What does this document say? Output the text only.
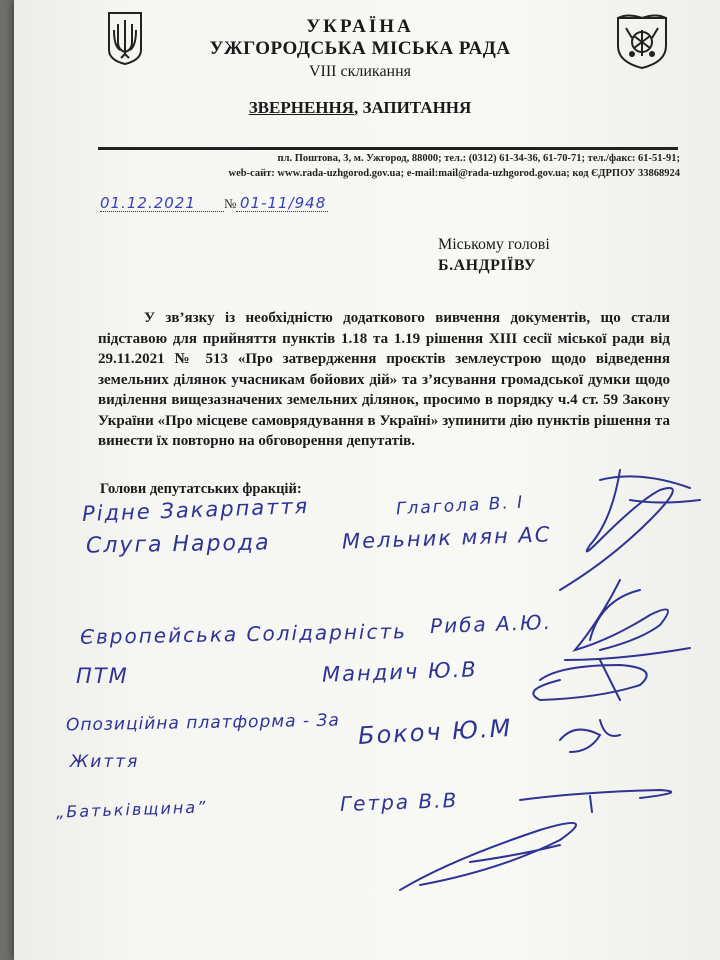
УКРАЇНА
УЖГОРОДСЬКА МІСЬКА РАДА
VIII скликання
ЗВЕРНЕННЯ, ЗАПИТАННЯ
пл. Поштова, 3, м. Ужгород, 88000; тел.: (0312) 61-34-36, 61-70-71; тел./факс: 61-51-91;
web-сайт: www.rada-uzhgorod.gov.ua; e-mail:mail@rada-uzhgorod.gov.ua; код ЄДРПОУ 33868924
01.12.2021 № 01-11/948
Міському голові
Б.АНДРІЇВУ
У зв’язку із необхідністю додаткового вивчення документів, що стали підставою для прийняття пунктів 1.18 та 1.19 рішення XIII сесії міської ради від 29.11.2021 № 513 «Про затвердження проєктів землеустрою щодо відведення земельних ділянок учасникам бойових дій» та з’ясування громадської думки щодо виділення вищезазначених земельних ділянок, просимо в порядку ч.4 ст. 59 Закону України «Про місцеве самоврядування в Україні» зупинити дію пунктів рішення та винести їх повторно на обговорення депутатів.
Голови депутатських фракцій:
Рідне Закарпаття
Слуга Народа
Глагола В. І
Мельник мян АС
Європейська Солідарність Риба А.Ю.
ПТМ	Мандич Ю.В
Опозиційна платформа - За
Життя
Бокоч Ю.М
„Батьківщина”	Гетра В.В
